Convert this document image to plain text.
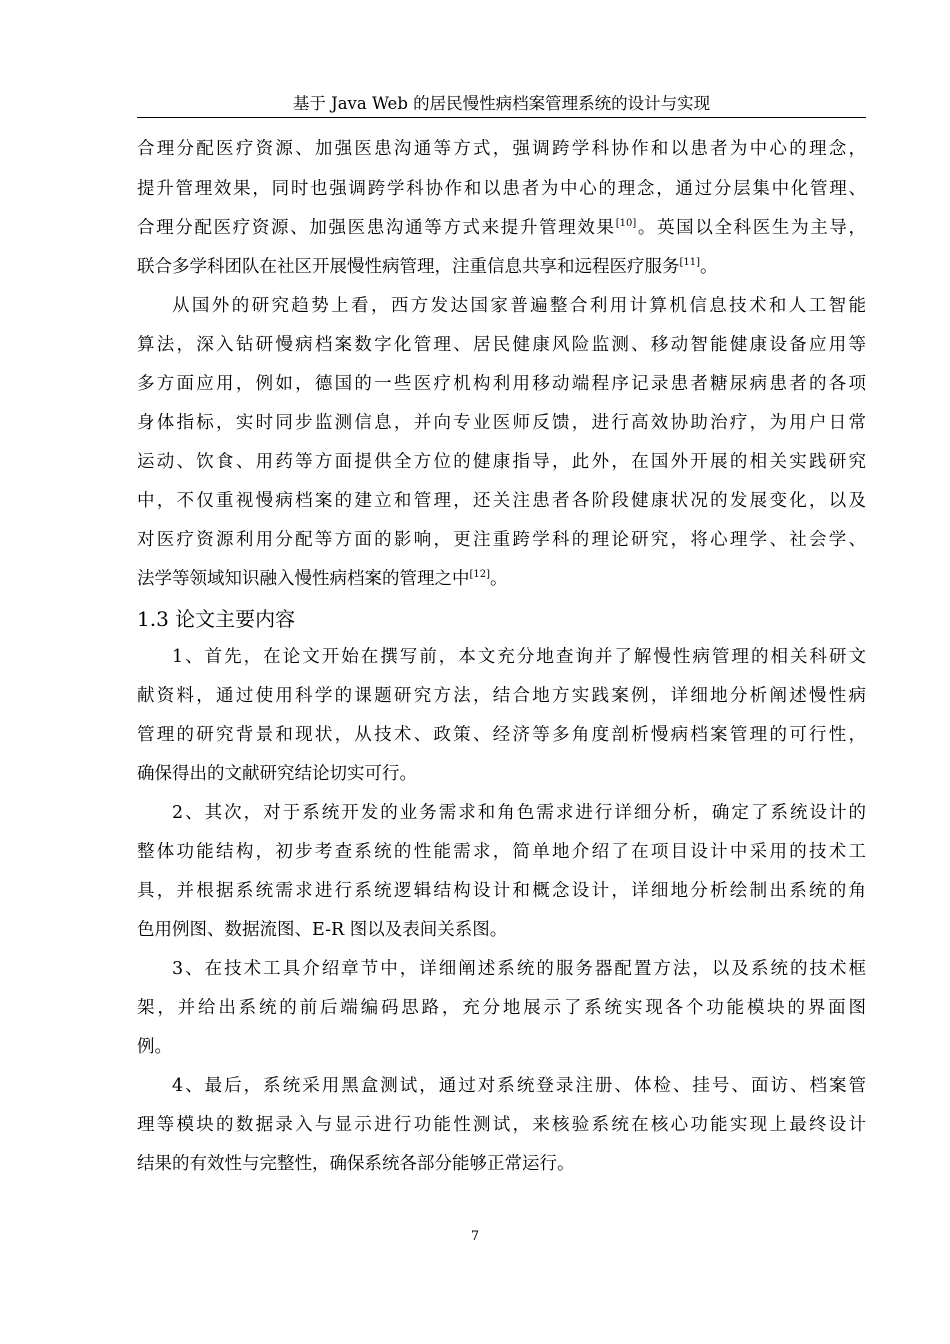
基于 Java Web 的居民慢性病档案管理系统的设计与实现
合理分配医疗资源、加强医患沟通等方式，强调跨学科协作和以患者为中心的理念，
提升管理效果，同时也强调跨学科协作和以患者为中心的理念，通过分层集中化管理、
合理分配医疗资源、加强医患沟通等方式来提升管理效果[10]。英国以全科医生为主导，
联合多学科团队在社区开展慢性病管理，注重信息共享和远程医疗服务[11]。
从国外的研究趋势上看，西方发达国家普遍整合利用计算机信息技术和人工智能
算法，深入钻研慢病档案数字化管理、居民健康风险监测、移动智能健康设备应用等
多方面应用，例如，德国的一些医疗机构利用移动端程序记录患者糖尿病患者的各项
身体指标，实时同步监测信息，并向专业医师反馈，进行高效协助治疗，为用户日常
运动、饮食、用药等方面提供全方位的健康指导，此外，在国外开展的相关实践研究
中，不仅重视慢病档案的建立和管理，还关注患者各阶段健康状况的发展变化，以及
对医疗资源利用分配等方面的影响，更注重跨学科的理论研究，将心理学、社会学、
法学等领域知识融入慢性病档案的管理之中[12]。
1.3 论文主要内容
1、首先，在论文开始在撰写前，本文充分地查询并了解慢性病管理的相关科研文
献资料，通过使用科学的课题研究方法，结合地方实践案例，详细地分析阐述慢性病
管理的研究背景和现状，从技术、政策、经济等多角度剖析慢病档案管理的可行性，
确保得出的文献研究结论切实可行。
2、其次，对于系统开发的业务需求和角色需求进行详细分析，确定了系统设计的
整体功能结构，初步考查系统的性能需求，简单地介绍了在项目设计中采用的技术工
具，并根据系统需求进行系统逻辑结构设计和概念设计，详细地分析绘制出系统的角
色用例图、数据流图、E-R 图以及表间关系图。
3、在技术工具介绍章节中，详细阐述系统的服务器配置方法，以及系统的技术框
架，并给出系统的前后端编码思路，充分地展示了系统实现各个功能模块的界面图
例。
4、最后，系统采用黑盒测试，通过对系统登录注册、体检、挂号、面访、档案管
理等模块的数据录入与显示进行功能性测试，来核验系统在核心功能实现上最终设计
结果的有效性与完整性，确保系统各部分能够正常运行。
7
